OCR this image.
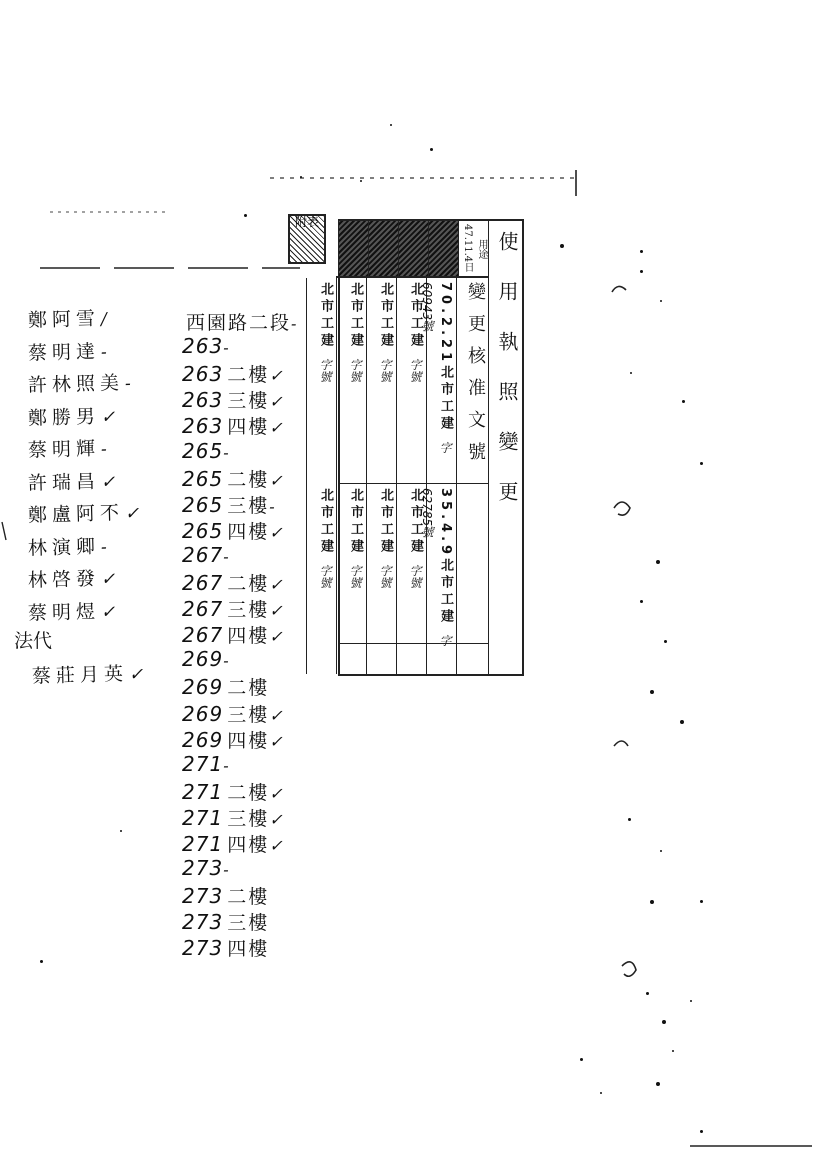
附表
鄭阿雪/
蔡明達-
許林照美-
鄭勝男✓
蔡明輝-
許瑞昌✓
鄭盧阿不✓
林演卿-
林啓發✓
蔡明煜✓
法代
蔡莊月英✓
西園路二段-
263-
263 二樓✓
263 三樓✓
263 四樓✓
265-
265 二樓✓
265 三樓-
265 四樓✓
267-
267 二樓✓
267 三樓✓
267 四樓✓
269-
269 二樓
269 三樓✓
269 四樓✓
271-
271 二樓✓
271 三樓✓
271 四樓✓
273-
273 二樓
273 三樓
273 四樓
使用執照變更
用途 47.11.4日
變更核准文號
70.2.21北市工建 字60943號
35.4.9北市工建 字62785號
北市工建 字號
北市工建 字號
北市工建 字號
北市工建 字號
北市工建 字號
北市工建 字號
北市工建 字號
北市工建 字號
